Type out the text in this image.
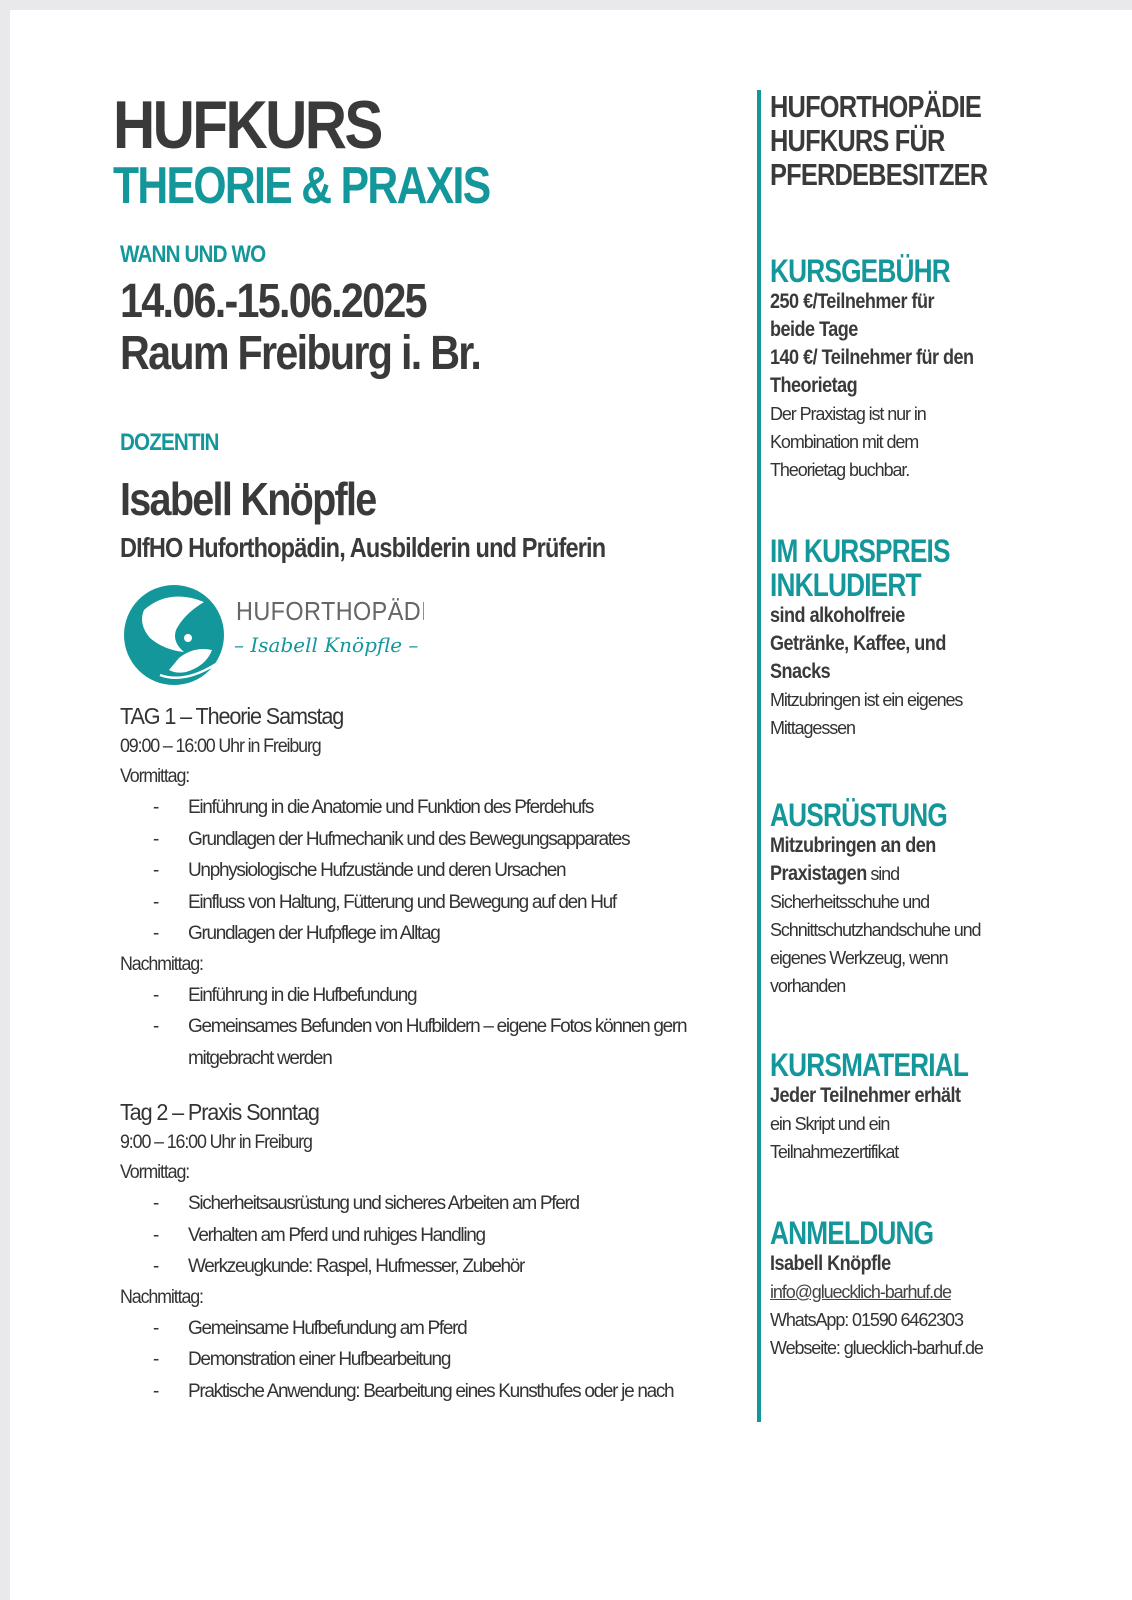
HUFKURS
THEORIE & PRAXIS
WANN UND WO
14.06.-15.06.2025
Raum Freiburg i. Br.
DOZENTIN
Isabell Knöpfle
DIfHO Huforthopädin, Ausbilderin und Prüferin
HUFORTHOPÄDIE
– Isabell Knöpfle –
TAG 1 – Theorie Samstag
09:00 – 16:00 Uhr in Freiburg
Vormittag:
- Einführung in die Anatomie und Funktion des Pferdehufs
- Grundlagen der Hufmechanik und des Bewegungsapparates
- Unphysiologische Hufzustände und deren Ursachen
- Einfluss von Haltung, Fütterung und Bewegung auf den Huf
- Grundlagen der Hufpflege im Alltag
Nachmittag:
- Einführung in die Hufbefundung
- Gemeinsames Befunden von Hufbildern – eigene Fotos können gern mitgebracht werden
Tag 2 – Praxis Sonntag
9:00 – 16:00 Uhr in Freiburg
Vormittag:
- Sicherheitsausrüstung und sicheres Arbeiten am Pferd
- Verhalten am Pferd und ruhiges Handling
- Werkzeugkunde: Raspel, Hufmesser, Zubehör
Nachmittag:
- Gemeinsame Hufbefundung am Pferd
- Demonstration einer Hufbearbeitung
- Praktische Anwendung: Bearbeitung eines Kunsthufes oder je nach
HUFORTHOPÄDIE
HUFKURS FÜR
PFERDEBESITZER
KURSGEBÜHR
250 €/Teilnehmer für
beide Tage
140 €/ Teilnehmer für den
Theorietag
Der Praxistag ist nur in
Kombination mit dem
Theorietag buchbar.
IM KURSPREIS
INKLUDIERT
sind alkoholfreie
Getränke, Kaffee, und
Snacks
Mitzubringen ist ein eigenes
Mittagessen
AUSRÜSTUNG
Mitzubringen an den
Praxistagen sind
Sicherheitsschuhe und
Schnittschutzhandschuhe und
eigenes Werkzeug, wenn
vorhanden
KURSMATERIAL
Jeder Teilnehmer erhält
ein Skript und ein
Teilnahmezertifikat
ANMELDUNG
Isabell Knöpfle
info@gluecklich-barhuf.de
WhatsApp: 01590 6462303
Webseite: gluecklich-barhuf.de
